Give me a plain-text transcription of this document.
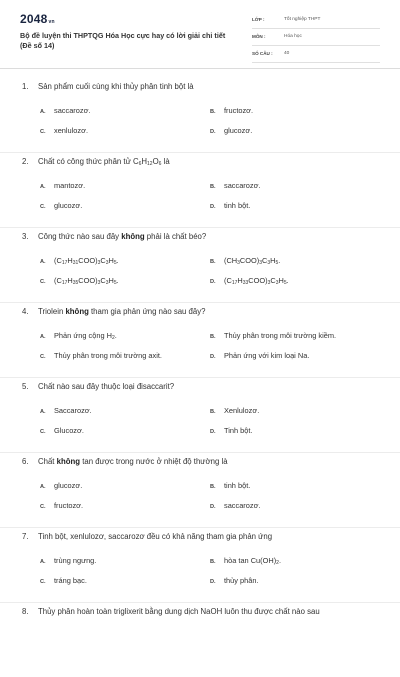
2048vn
Bộ đề luyện thi THPTQG Hóa Học cực hay có lời giải chi tiết (Đề số 14)
LỚP :	Tốt nghiệp THPT
MÔN :	Hóa học
SỐ CÂU : 40
1. Sản phẩm cuối cùng khi thủy phân tinh bột là
A. saccarozơ.	B. fructozơ.
C. xenlulozơ.	D. glucozơ.
2. Chất có công thức phân tử $C_6H_{12}O_6$ là
A. mantozơ.	B. saccarozơ.
C. glucozơ.	D. tinh bột.
3. Công thức nào sau đây không phải là chất béo?
A. $(C_{17}H_{31}COO)_3C_3H_5$.	B. $(CH_3COO)_3C_3H_5$.
C. $(C_{17}H_{35}COO)_3C_3H_5$.	D. $(C_{17}H_{33}COO)_3C_3H_5$.
4. Triolein không tham gia phản ứng nào sau đây?
A. Phản ứng cộng $H_2$.	B. Thủy phân trong môi trường kiềm.
C. Thủy phân trong môi trường axit.	D. Phản ứng với kim loại Na.
5. Chất nào sau đây thuộc loại đisaccarit?
A. Saccarozơ.	B. Xenlulozơ.
C. Glucozơ.	D. Tinh bột.
6. Chất không tan được trong nước ở nhiệt độ thường là
A. glucozơ.	B. tinh bột.
C. fructozơ.	D. saccarozơ.
7. Tinh bột, xenlulozơ, saccarozơ đều có khả năng tham gia phản ứng
A. trùng ngưng.	B. hòa $\tan Cu(OH)_2$.
C. tráng bạc.	D. thủy phân.
8. Thủy phân hoàn toàn triglixerit bằng dung dịch NaOH luôn thu được chất nào sau
